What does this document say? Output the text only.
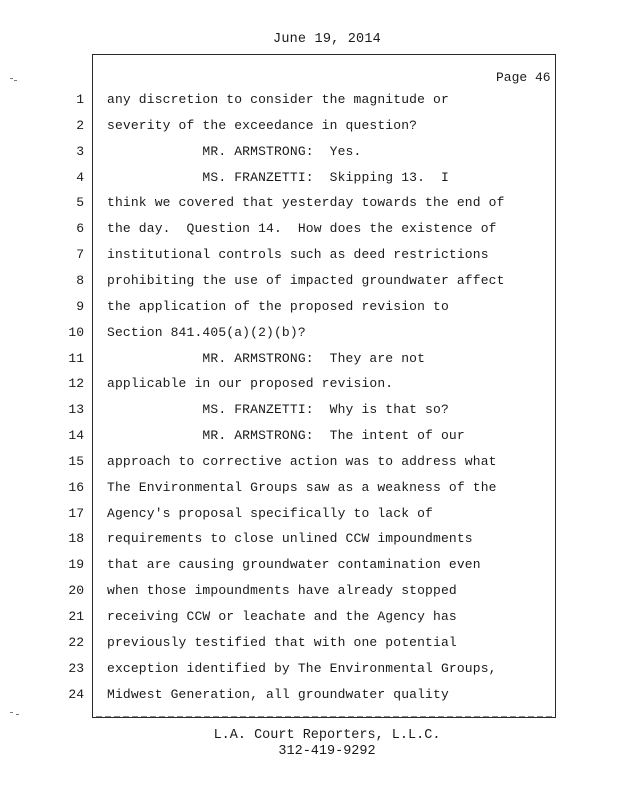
June 19, 2014
Page 46
1 any discretion to consider the magnitude or
2 severity of the exceedance in question?
3 MR. ARMSTRONG:  Yes.
4 MS. FRANZETTI:  Skipping 13.  I
5 think we covered that yesterday towards the end of
6 the day.  Question 14.  How does the existence of
7 institutional controls such as deed restrictions
8 prohibiting the use of impacted groundwater affect
9 the application of the proposed revision to
10 Section 841.405(a)(2)(b)?
11 MR. ARMSTRONG:  They are not
12 applicable in our proposed revision.
13 MS. FRANZETTI:  Why is that so?
14 MR. ARMSTRONG:  The intent of our
15 approach to corrective action was to address what
16 The Environmental Groups saw as a weakness of the
17 Agency's proposal specifically to lack of
18 requirements to close unlined CCW impoundments
19 that are causing groundwater contamination even
20 when those impoundments have already stopped
21 receiving CCW or leachate and the Agency has
22 previously testified that with one potential
23 exception identified by The Environmental Groups,
24 Midwest Generation, all groundwater quality
L.A. Court Reporters, L.L.C.
312-419-9292
